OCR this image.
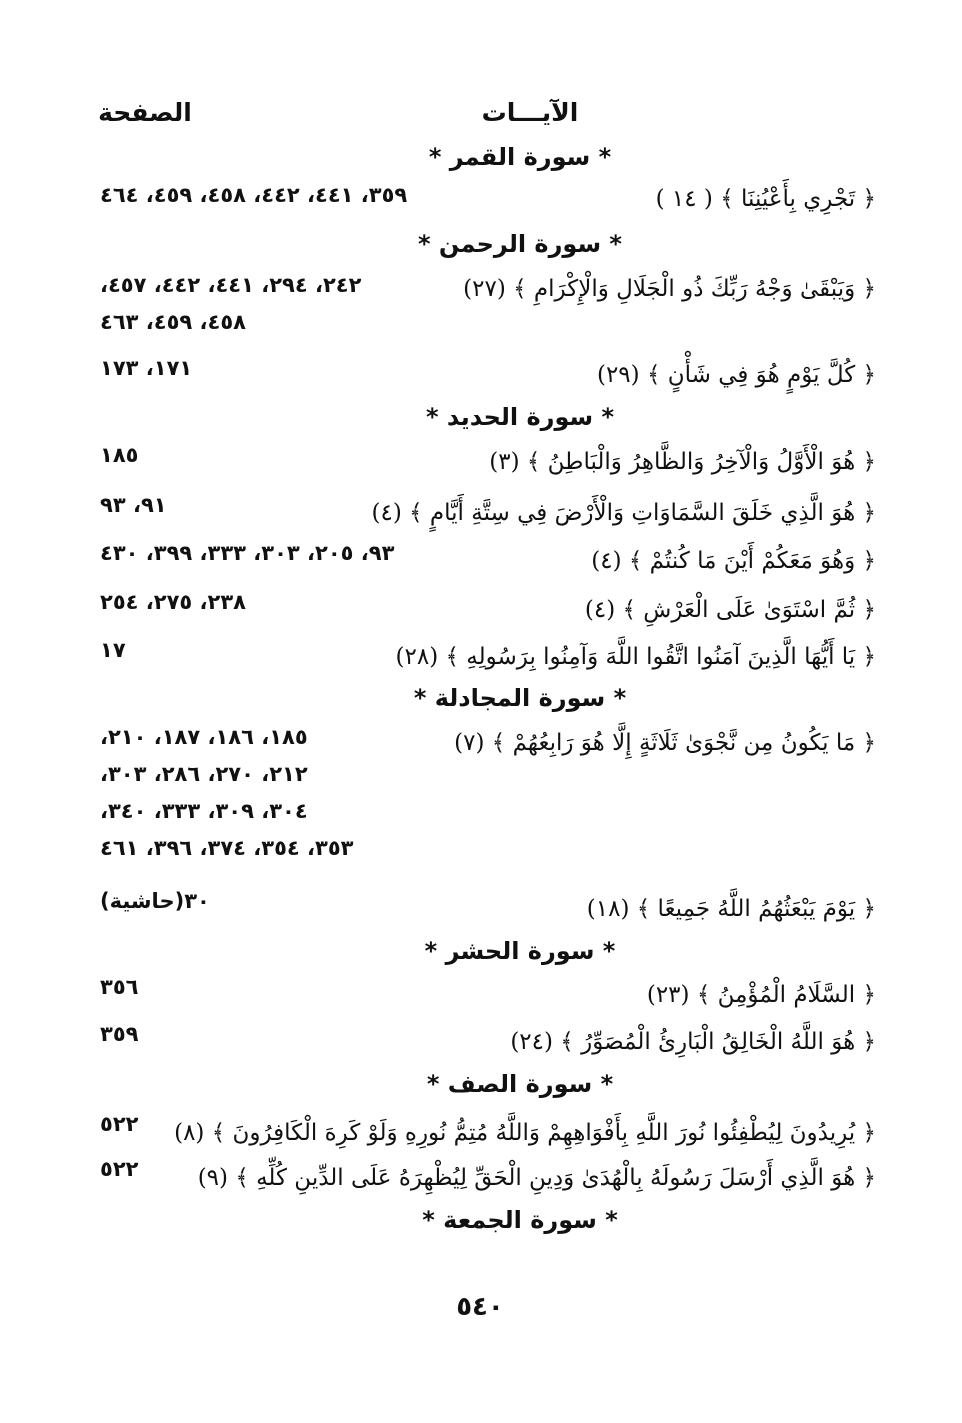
الآيـــات
الصفحة
* سورة القمر *
﴿ تَجْرِي بِأَعْيُنِنَا ﴾ ( ١٤ )
٣٥٩، ٤٤١، ٤٤٢، ٤٥٨، ٤٥٩، ٤٦٤
* سورة الرحمن *
﴿ وَيَبْقَىٰ وَجْهُ رَبِّكَ ذُو الْجَلَالِ وَالْإِكْرَامِ ﴾ (٢٧)
٢٤٢، ٢٩٤، ٤٤١، ٤٤٢، ٤٥٧،
٤٥٨، ٤٥٩، ٤٦٣
﴿ كُلَّ يَوْمٍ هُوَ فِي شَأْنٍ ﴾ (٢٩)
١٧١، ١٧٣
* سورة الحديد *
﴿ هُوَ الْأَوَّلُ وَالْآخِرُ وَالظَّاهِرُ وَالْبَاطِنُ ﴾ (٣)
١٨٥
﴿ هُوَ الَّذِي خَلَقَ السَّمَاوَاتِ وَالْأَرْضَ فِي سِتَّةِ أَيَّامٍ ﴾ (٤)
٩١، ٩٣
﴿ وَهُوَ مَعَكُمْ أَيْنَ مَا كُنتُمْ ﴾ (٤)
٩٣، ٢٠٥، ٣٠٣، ٣٣٣، ٣٩٩، ٤٣٠
﴿ ثُمَّ اسْتَوَىٰ عَلَى الْعَرْشِ ﴾ (٤)
٢٣٨، ٢٧٥، ٢٥٤
﴿ يَا أَيُّهَا الَّذِينَ آمَنُوا اتَّقُوا اللَّهَ وَآمِنُوا بِرَسُولِهِ ﴾ (٢٨)
١٧
* سورة المجادلة *
﴿ مَا يَكُونُ مِن نَّجْوَىٰ ثَلَاثَةٍ إِلَّا هُوَ رَابِعُهُمْ ﴾ (٧)
١٨٥، ١٨٦، ١٨٧، ٢١٠،
٢١٢، ٢٧٠، ٢٨٦، ٣٠٣،
٣٠٤، ٣٠٩، ٣٣٣، ٣٤٠،
٣٥٣، ٣٥٤، ٣٧٤، ٣٩٦، ٤٦١
﴿ يَوْمَ يَبْعَثُهُمُ اللَّهُ جَمِيعًا ﴾ (١٨)
٣٠(حاشية)
* سورة الحشر *
﴿ السَّلَامُ الْمُؤْمِنُ ﴾ (٢٣)
٣٥٦
﴿ هُوَ اللَّهُ الْخَالِقُ الْبَارِئُ الْمُصَوِّرُ ﴾ (٢٤)
٣٥٩
* سورة الصف *
﴿ يُرِيدُونَ لِيُطْفِئُوا نُورَ اللَّهِ بِأَفْوَاهِهِمْ وَاللَّهُ مُتِمُّ نُورِهِ وَلَوْ كَرِهَ الْكَافِرُونَ ﴾ (٨)
٥٢٢
﴿ هُوَ الَّذِي أَرْسَلَ رَسُولَهُ بِالْهُدَىٰ وَدِينِ الْحَقِّ لِيُظْهِرَهُ عَلَى الدِّينِ كُلِّهِ ﴾ (٩)
٥٢٢
* سورة الجمعة *
٥٤٠
